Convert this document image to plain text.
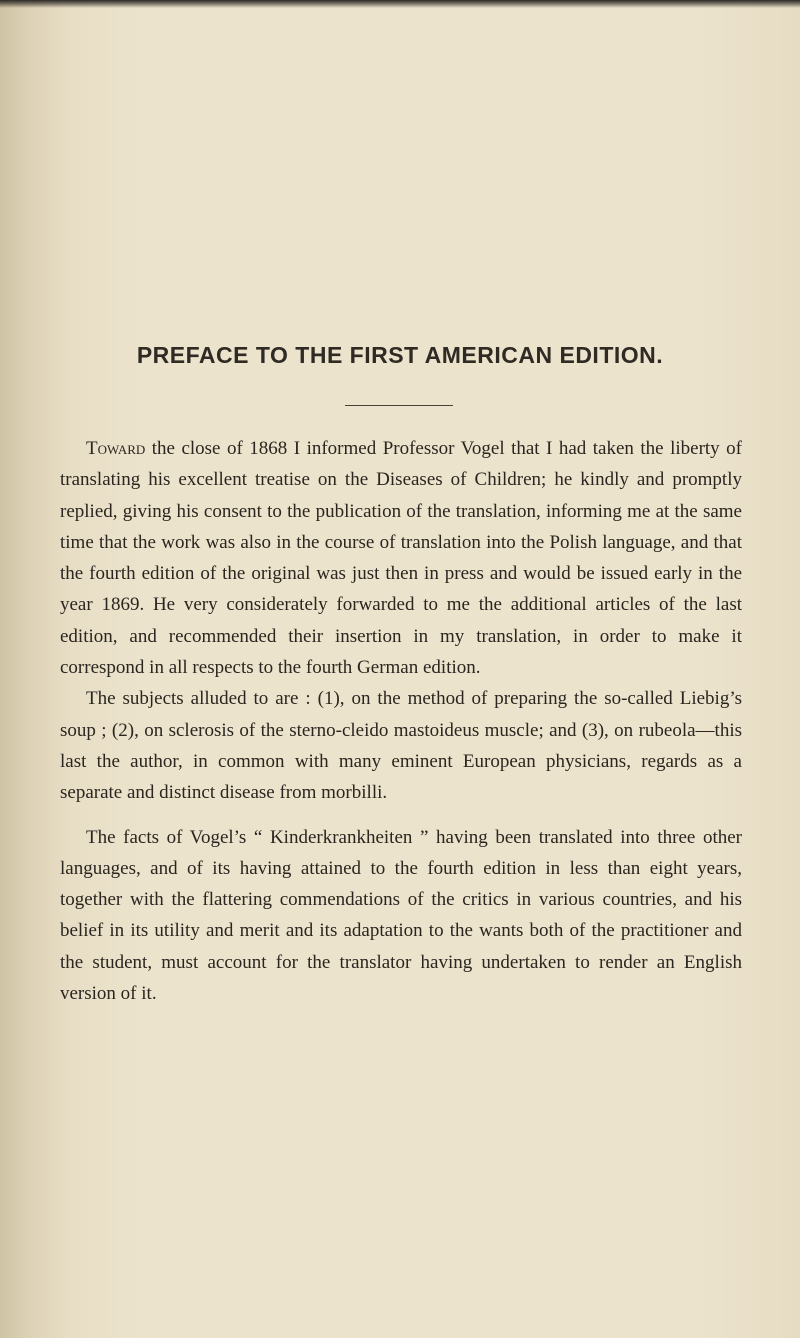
PREFACE TO THE FIRST AMERICAN EDITION.

Toward the close of 1868 I informed Professor Vogel that I had taken the liberty of translating his excellent treatise on the Diseases of Children; he kindly and promptly replied, giving his consent to the publication of the translation, informing me at the same time that the work was also in the course of translation into the Polish language, and that the fourth edition of the original was just then in press and would be issued early in the year 1869. He very considerately forwarded to me the additional articles of the last edition, and recommended their insertion in my translation, in order to make it correspond in all respects to the fourth German edition.

The subjects alluded to are : (1), on the method of preparing the so-called Liebig’s soup ; (2), on sclerosis of the sterno-cleido mastoideus muscle; and (3), on rubeola—this last the author, in common with many eminent European physicians, regards as a separate and distinct disease from morbilli.

The facts of Vogel’s “ Kinderkrankheiten ” having been translated into three other languages, and of its having attained to the fourth edition in less than eight years, together with the flattering commendations of the critics in various countries, and his belief in its utility and merit and its adaptation to the wants both of the practitioner and the student, must account for the translator having undertaken to render an English version of it.
